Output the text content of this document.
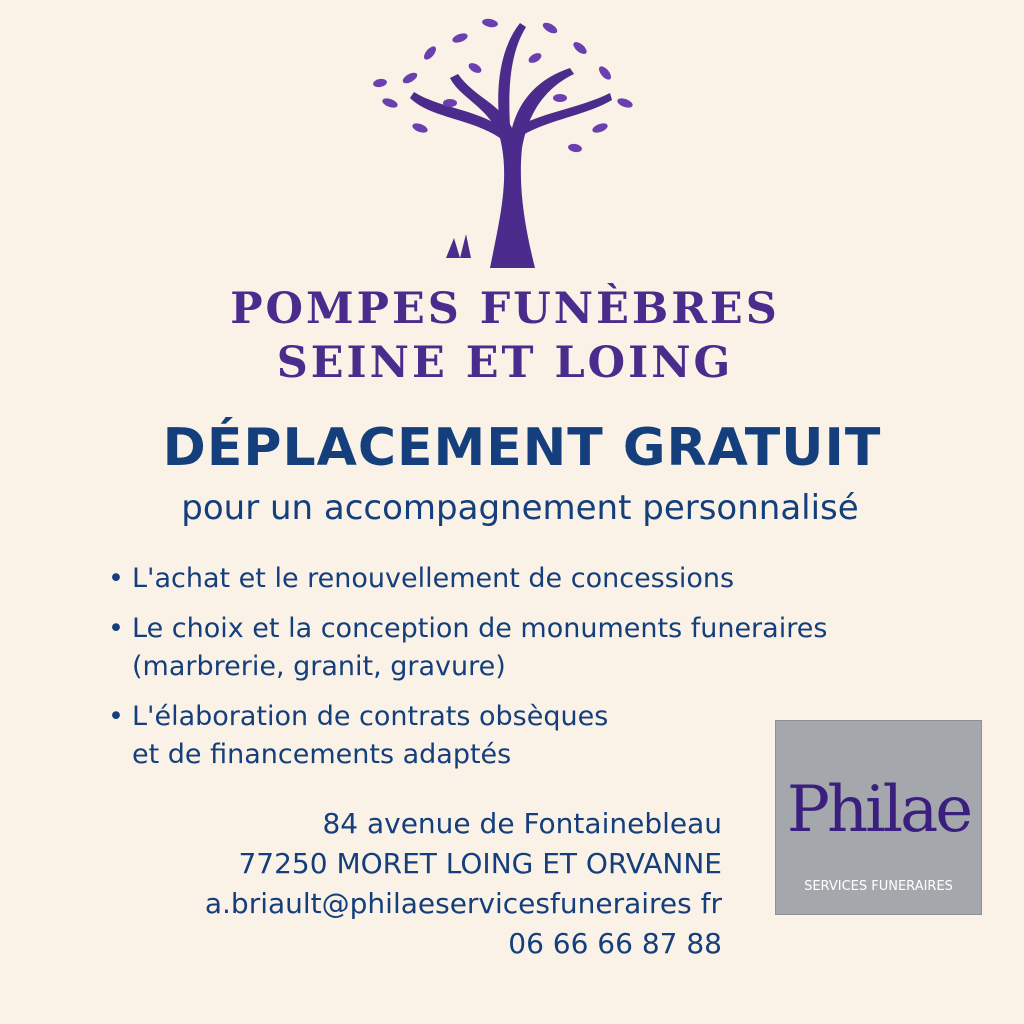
POMPES FUNÈBRES
SEINE ET LOING
DÉPLACEMENT GRATUIT
pour un accompagnement personnalisé
• L'achat et le renouvellement de concessions
• Le choix et la conception de monuments funeraires
(marbrerie, granit, gravure)
• L'élaboration de contrats obsèques
et de financements adaptés
84 avenue de Fontainebleau
77250 MORET LOING ET ORVANNE
a.briault@philaeservicesfuneraires fr
06 66 66 87 88
Philae
SERVICES FUNERAIRES
